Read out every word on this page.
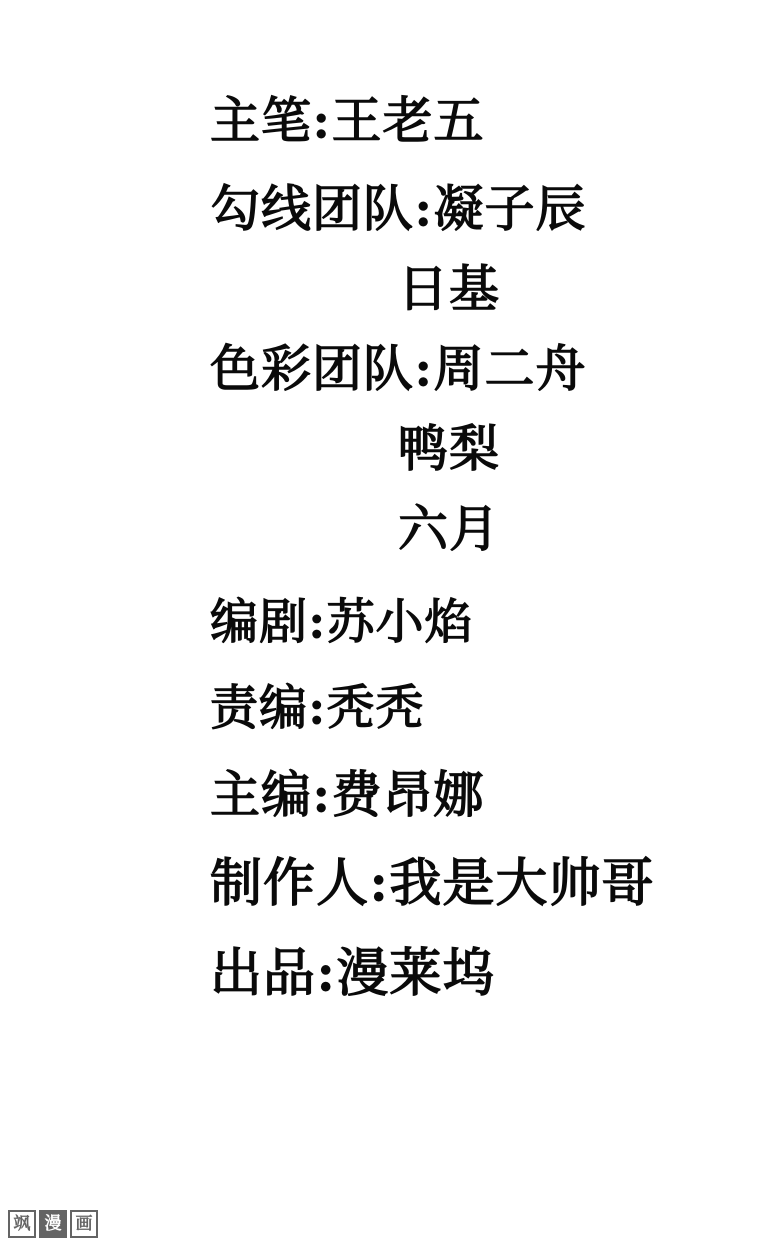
主笔:王老五
勾线团队:凝子辰
日基
色彩团队:周二舟
鸭梨
六月
编剧:苏小焰
责编:秃秃
主编:费昂娜
制作人:我是大帅哥
出品:漫莱坞
飒 漫 画
